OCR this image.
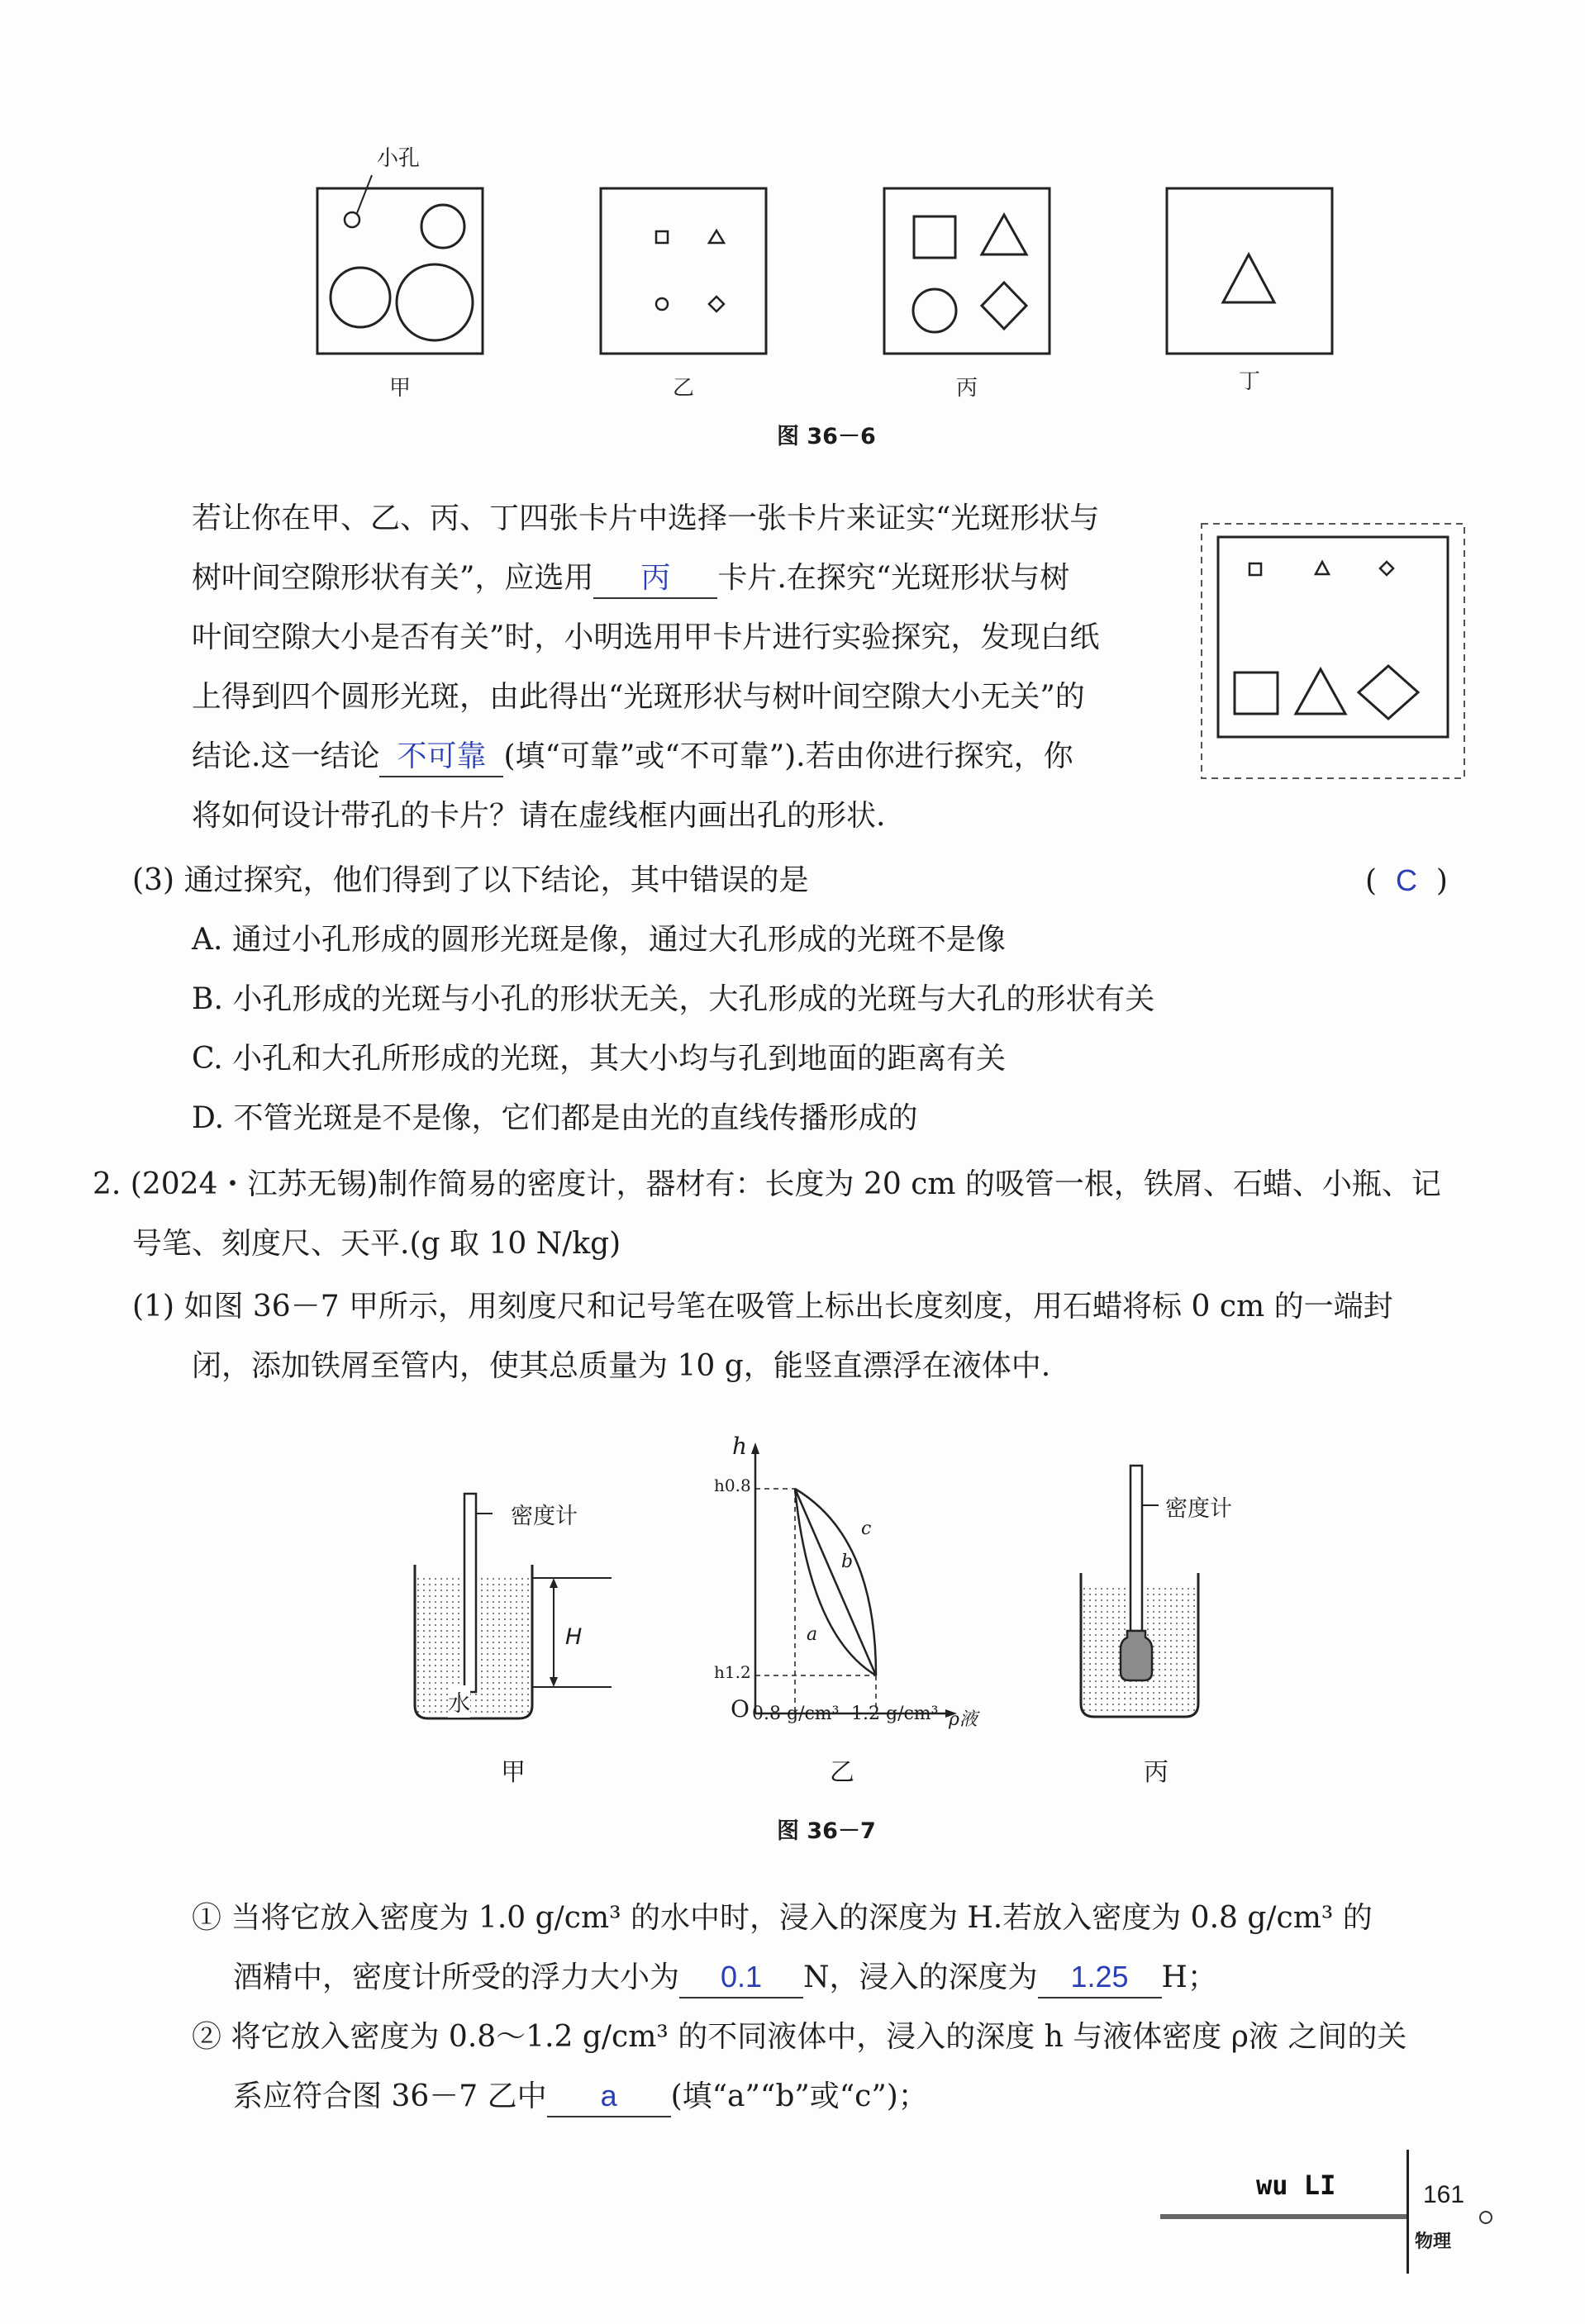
小孔
甲	乙	丙	丁
图 36－6
若让你在甲、乙、丙、丁四张卡片中选择一张卡片来证实“光斑形状与
树叶间空隙形状有关”，应选用 丙 卡片.在探究“光斑形状与树
叶间空隙大小是否有关”时，小明选用甲卡片进行实验探究，发现白纸
上得到四个圆形光斑，由此得出“光斑形状与树叶间空隙大小无关”的
结论.这一结论 不可靠 (填“可靠”或“不可靠”).若由你进行探究，你
将如何设计带孔的卡片？请在虚线框内画出孔的形状.
(3) 通过探究，他们得到了以下结论，其中错误的是	( C )
A. 通过小孔形成的圆形光斑是像，通过大孔形成的光斑不是像
B. 小孔形成的光斑与小孔的形状无关，大孔形成的光斑与大孔的形状有关
C. 小孔和大孔所形成的光斑，其大小均与孔到地面的距离有关
D. 不管光斑是不是像，它们都是由光的直线传播形成的
2. (2024・江苏无锡)制作简易的密度计，器材有：长度为 20 cm 的吸管一根，铁屑、石蜡、小瓶、记
号笔、刻度尺、天平.(g 取 10 N/kg)
(1) 如图 36－7 甲所示，用刻度尺和记号笔在吸管上标出长度刻度，用石蜡将标 0 cm 的一端封
闭，添加铁屑至管内，使其总质量为 10 g，能竖直漂浮在液体中.
密度计
水
H
甲
h
h0.8
h1.2
O 0.8 g/cm³ 1.2 g/cm³ ρ液
a
b
c
乙
密度计
丙
图 36－7
① 当将它放入密度为 1.0 g/cm³ 的水中时，浸入的深度为 H.若放入密度为 0.8 g/cm³ 的
酒精中，密度计所受的浮力大小为 0.1 N，浸入的深度为 1.25 H；
② 将它放入密度为 0.8～1.2 g/cm³ 的不同液体中，浸入的深度 h 与液体密度 ρ液 之间的关
系应符合图 36－7 乙中 a (填“a”“b”或“c”)；
wu LI	161
物理
